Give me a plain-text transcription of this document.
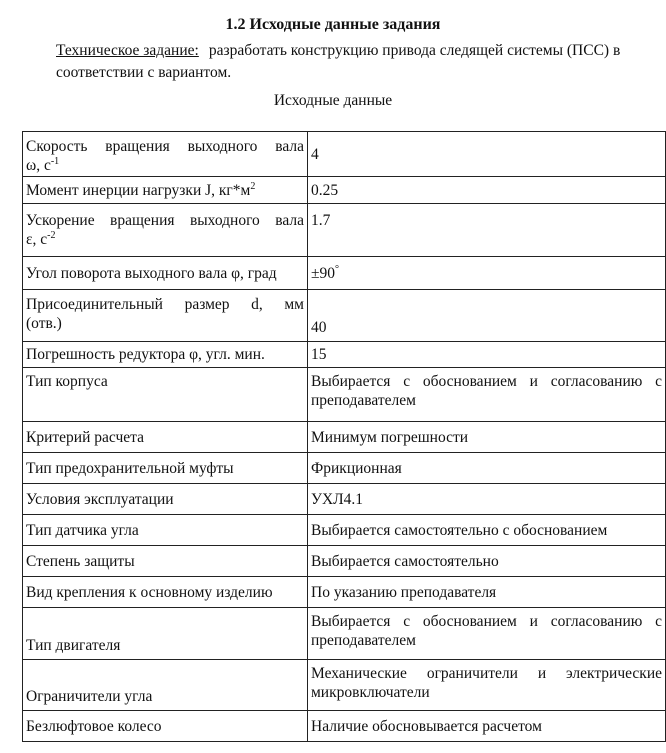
1.2 Исходные данные задания
Техническое задание: разработать конструкцию привода следящей системы (ПСС) в соответствии с вариантом.
Исходные данные
Скорость вращения выходного вала
ω, $с^{-1}$	4
Момент инерции нагрузки J, $кг*м^2$	0.25

Ускорение вращения выходного вала
ε, $с^{-2}$	1.7
Угол поворота выходного вала φ, град	±90°

Присоединительный размер d, мм
(отв.)	40
Погрешность редуктора φ, угл. мин.	15
Тип корпуса	Выбирается с обоснованием и согласованию с
преподавателем
Критерий расчета	Минимум погрешности
Тип предохранительной муфты	Фрикционная
Условия эксплуатации	УХЛ4.1
Тип датчика угла	Выбирается самостоятельно с обоснованием
Степень защиты	Выбирается самостоятельно
Вид крепления к основному изделию	По указанию преподавателя
Тип двигателя	Выбирается с обоснованием и согласованию с
преподавателем
Ограничители угла	Механические ограничители и электрические
микровключатели
Безлюфтовое колесо	Наличие обосновывается расчетом
